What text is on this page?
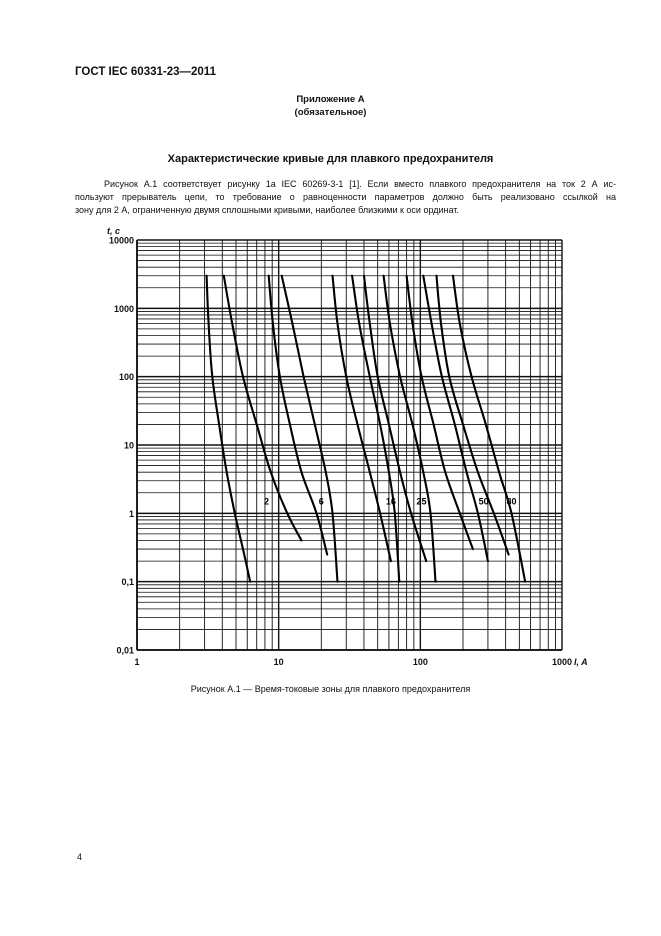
ГОСТ IEC 60331-23—2011
Приложение А
(обязательное)
Характеристические кривые для плавкого предохранителя
Рисунок А.1 соответствует рисунку 1а IEC 60269-3-1 [1]. Если вместо плавкого предохранителя на ток 2 А ис-
пользуют прерыватель цепи, то требование о равноценности параметров должно быть реализовано ссылкой на
зону для 2 А, ограниченную двумя сплошными кривыми, наиболее близкими к оси ординат.
0,01
0,1
1
10
100
1000
10000
1	10	100	1000
t, c
I, A
2	6	16 25	50 80
Рисунок А.1 — Время-токовые зоны для плавкого предохранителя
4
